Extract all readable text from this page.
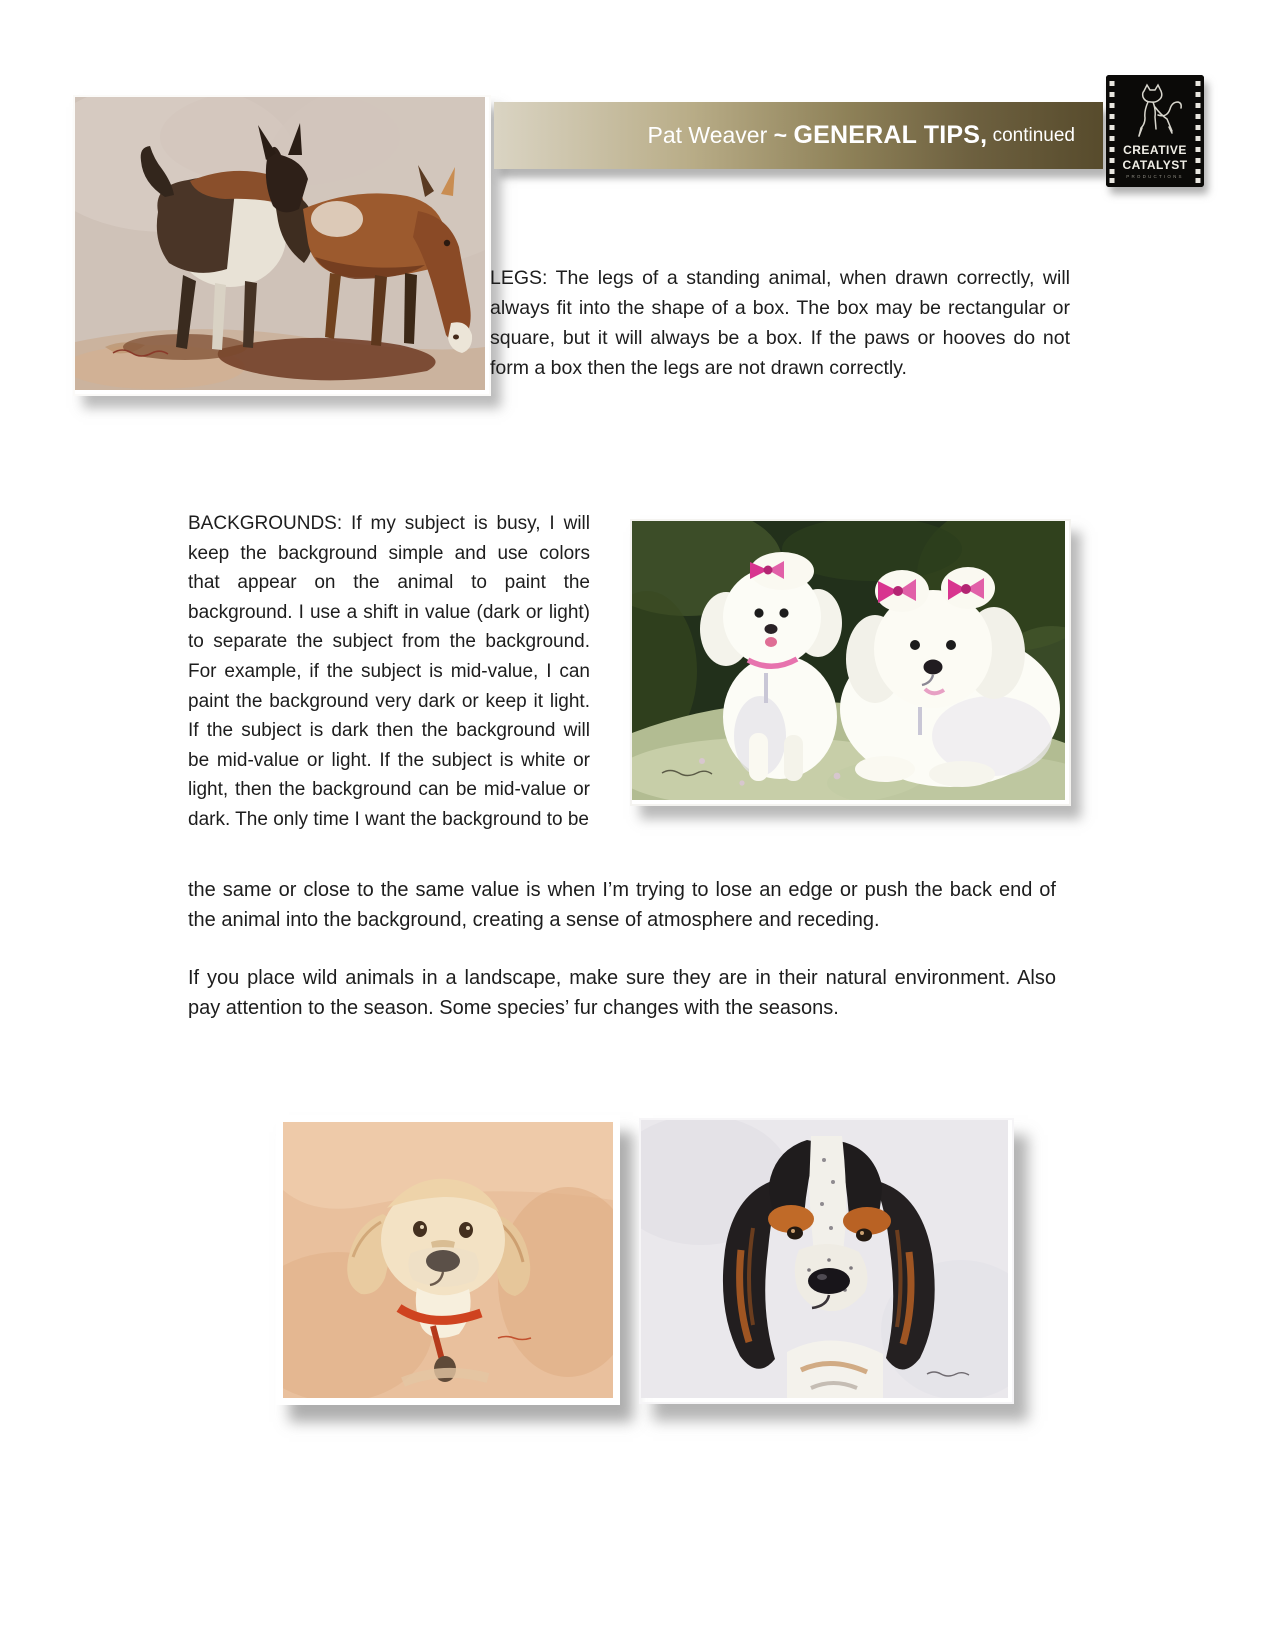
Pat Weaver ~ GENERAL TIPS, continued
CREATIVE
CATALYST
PRODUCTIONS

LEGS: The legs of a standing animal, when drawn correctly, will always fit into the shape of a box. The box may be rectangular or square, but it will always be a box. If the paws or hooves do not form a box then the legs are not drawn correctly.

BACKGROUNDS: If my subject is busy, I will keep the background simple and use colors that appear on the animal to paint the background. I use a shift in value (dark or light) to separate the subject from the background. For example, if the subject is mid-value, I can paint the background very dark or keep it light. If the subject is dark then the background will be mid-value or light. If the subject is white or light, then the background can be mid-value or dark. The only time I want the background to be

the same or close to the same value is when I’m trying to lose an edge or push the back end of the animal into the background, creating a sense of atmosphere and receding.

If you place wild animals in a landscape, make sure they are in their natural environment. Also pay attention to the season. Some species’ fur changes with the seasons.
